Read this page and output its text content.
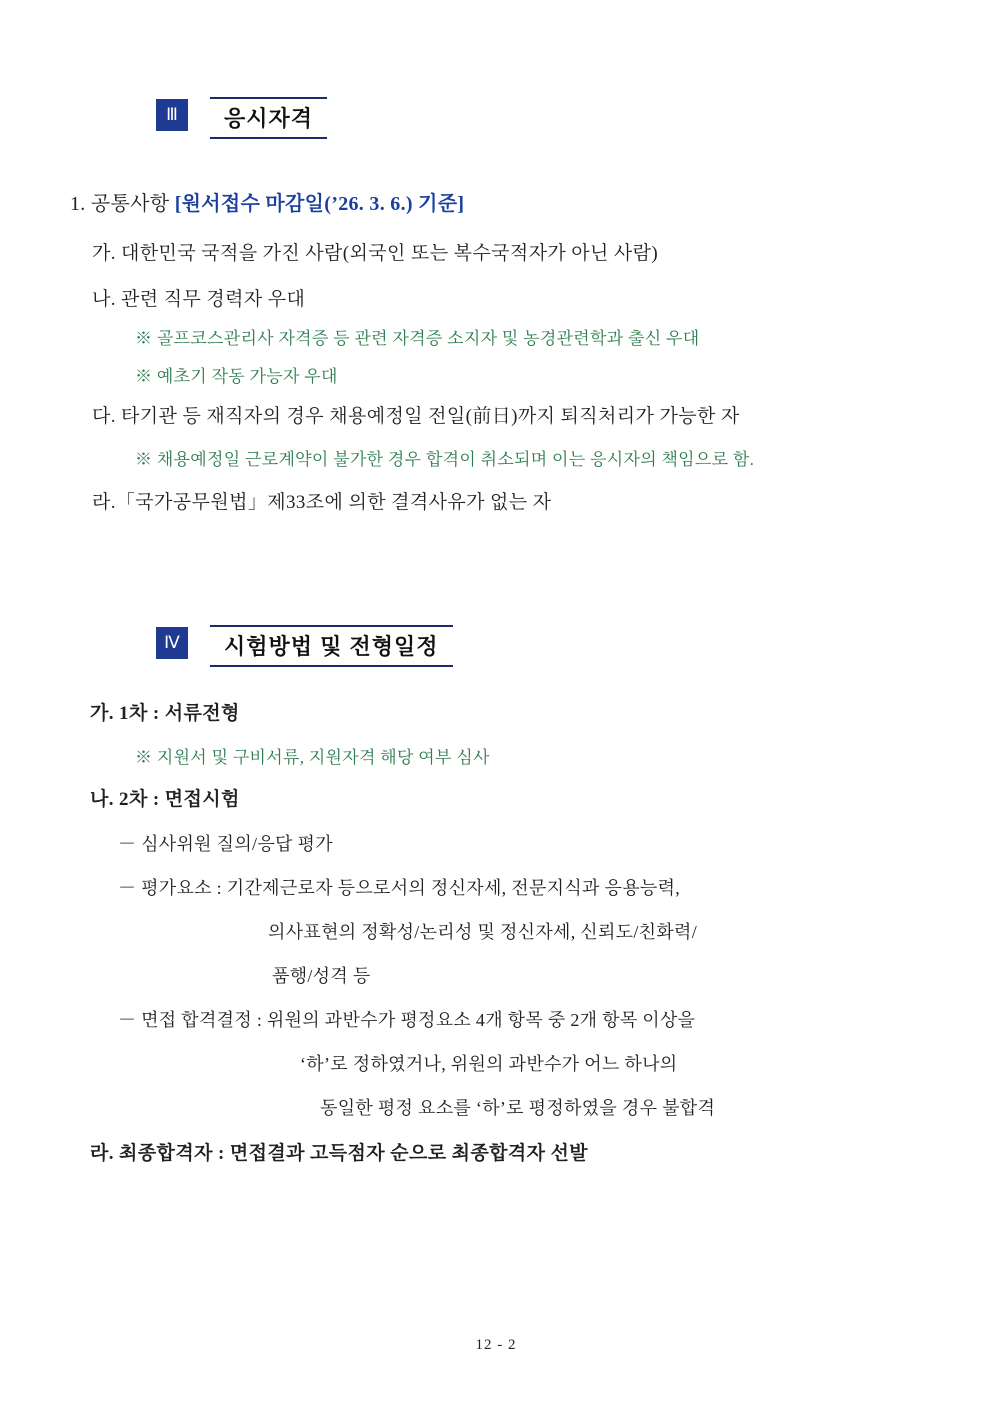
Ⅲ	응시자격
1. 공통사항 [원서접수 마감일(’26. 3. 6.) 기준]
가. 대한민국 국적을 가진 사람(외국인 또는 복수국적자가 아닌 사람)
나. 관련 직무 경력자 우대
※ 골프코스관리사 자격증 등 관련 자격증 소지자 및 농경관련학과 출신 우대
※ 예초기 작동 가능자 우대
다. 타기관 등 재직자의 경우 채용예정일 전일(前日)까지 퇴직처리가 가능한 자
※ 채용예정일 근로계약이 불가한 경우 합격이 취소되며 이는 응시자의 책임으로 함.
라.「국가공무원법」제33조에 의한 결격사유가 없는 자
Ⅳ	시험방법 및 전형일정
가. 1차 : 서류전형
※ 지원서 및 구비서류, 지원자격 해당 여부 심사
나. 2차 : 면접시험
－ 심사위원 질의/응답 평가
－ 평가요소 : 기간제근로자 등으로서의 정신자세, 전문지식과 응용능력,
의사표현의 정확성/논리성 및 정신자세, 신뢰도/친화력/
품행/성격 등
－ 면접 합격결정 : 위원의 과반수가 평정요소 4개 항목 중 2개 항목 이상을
‘하’로 정하였거나, 위원의 과반수가 어느 하나의
동일한 평정 요소를 ‘하’로 평정하였을 경우 불합격
라. 최종합격자 : 면접결과 고득점자 순으로 최종합격자 선발
12 - 2
